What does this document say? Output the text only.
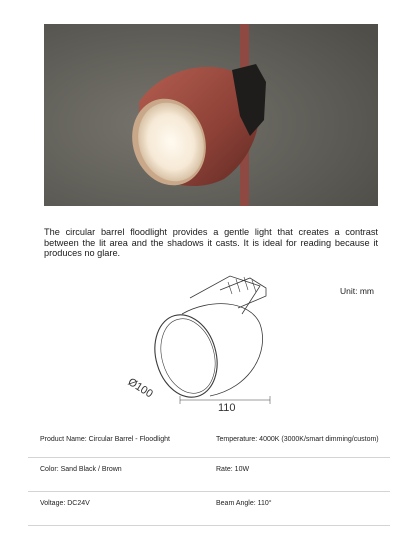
The circular barrel floodlight provides a gentle light that creates a contrast between the lit area and the shadows it casts. It is ideal for reading because it produces no glare.

Ø100
110
Unit: mm
Product Name: Circular Barrel - Floodlight	Temperature: 4000K (3000K/smart dimming/custom)
Color: Sand Black / Brown	Rate: 10W
Voltage: DC24V	Beam Angle: 110°
